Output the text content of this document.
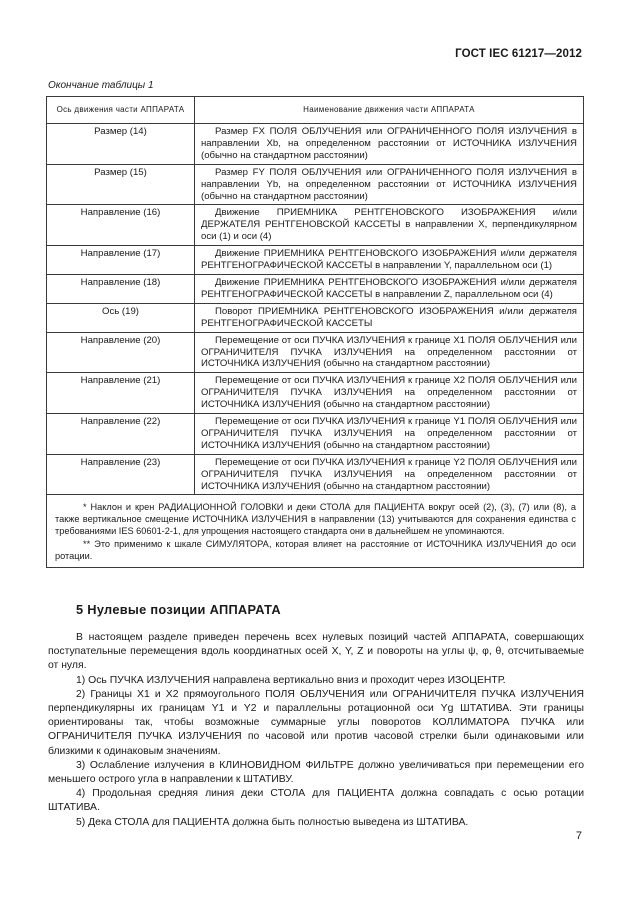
ГОСТ IEC 61217—2012
Окончание таблицы 1
Ось движения части АППАРАТА	Наименование движения части АППАРАТА
Размер (14)	Размер FX ПОЛЯ ОБЛУЧЕНИЯ или ОГРАНИЧЕННОГО ПОЛЯ ИЗЛУЧЕНИЯ в направлении Xb, на определенном расстоянии от ИСТОЧНИКА ИЗЛУЧЕНИЯ (обычно на стандартном расстоянии)
Размер (15)	Размер FY ПОЛЯ ОБЛУЧЕНИЯ или ОГРАНИЧЕННОГО ПОЛЯ ИЗЛУЧЕНИЯ в направлении Yb, на определенном расстоянии от ИСТОЧНИКА ИЗЛУЧЕНИЯ (обычно на стандартном расстоянии)
Направление (16)	Движение ПРИЕМНИКА РЕНТГЕНОВСКОГО ИЗОБРАЖЕНИЯ и/или ДЕРЖАТЕЛЯ РЕНТГЕНОВСКОЙ КАССЕТЫ в направлении X, перпендикулярном оси (1) и оси (4)
Направление (17)	Движение ПРИЕМНИКА РЕНТГЕНОВСКОГО ИЗОБРАЖЕНИЯ и/или держателя РЕНТГЕНОГРАФИЧЕСКОЙ КАССЕТЫ в направлении Y, параллельном оси (1)
Направление (18)	Движение ПРИЕМНИКА РЕНТГЕНОВСКОГО ИЗОБРАЖЕНИЯ и/или держателя РЕНТГЕНОГРАФИЧЕСКОЙ КАССЕТЫ в направлении Z, параллельном оси (4)
Ось (19)	Поворот ПРИЕМНИКА РЕНТГЕНОВСКОГО ИЗОБРАЖЕНИЯ и/или держателя РЕНТГЕНОГРАФИЧЕСКОЙ КАССЕТЫ
Направление (20)	Перемещение от оси ПУЧКА ИЗЛУЧЕНИЯ к границе X1 ПОЛЯ ОБЛУЧЕНИЯ или ОГРАНИЧИТЕЛЯ ПУЧКА ИЗЛУЧЕНИЯ на определенном расстоянии от ИСТОЧНИКА ИЗЛУЧЕНИЯ (обычно на стандартном расстоянии)
Направление (21)	Перемещение от оси ПУЧКА ИЗЛУЧЕНИЯ к границе X2 ПОЛЯ ОБЛУЧЕНИЯ или ОГРАНИЧИТЕЛЯ ПУЧКА ИЗЛУЧЕНИЯ на определенном расстоянии от ИСТОЧНИКА ИЗЛУЧЕНИЯ (обычно на стандартном расстоянии)
Направление (22)	Перемещение от оси ПУЧКА ИЗЛУЧЕНИЯ к границе Y1 ПОЛЯ ОБЛУЧЕНИЯ или ОГРАНИЧИТЕЛЯ ПУЧКА ИЗЛУЧЕНИЯ на определенном расстоянии от ИСТОЧНИКА ИЗЛУЧЕНИЯ (обычно на стандартном расстоянии)
Направление (23)	Перемещение от оси ПУЧКА ИЗЛУЧЕНИЯ к границе Y2 ПОЛЯ ОБЛУЧЕНИЯ или ОГРАНИЧИТЕЛЯ ПУЧКА ИЗЛУЧЕНИЯ на определенном расстоянии от ИСТОЧНИКА ИЗЛУЧЕНИЯ (обычно на стандартном расстоянии)

* Наклон и крен РАДИАЦИОННОЙ ГОЛОВКИ и деки СТОЛА для ПАЦИЕНТА вокруг осей (2), (3), (7) или (8), а также вертикальное смещение ИСТОЧНИКА ИЗЛУЧЕНИЯ в направлении (13) учитываются для сохранения единства с требованиями IES 60601-2-1, для упрощения настоящего стандарта они в дальнейшем не упоминаются.

** Это применимо к шкале СИМУЛЯТОРА, которая влияет на расстояние от ИСТОЧНИКА ИЗЛУЧЕНИЯ до оси ротации.	

5 Нулевые позиции АППАРАТА

В настоящем разделе приведен перечень всех нулевых позиций частей АППАРАТА, совершающих поступательные перемещения вдоль координатных осей X, Y, Z и повороты на углы ψ, φ, θ, отсчитываемые от нуля.

1) Ось ПУЧКА ИЗЛУЧЕНИЯ направлена вертикально вниз и проходит через ИЗОЦЕНТР.

2) Границы X1 и X2 прямоугольного ПОЛЯ ОБЛУЧЕНИЯ или ОГРАНИЧИТЕЛЯ ПУЧКА ИЗЛУЧЕНИЯ перпендикулярны их границам Y1 и Y2 и параллельны ротационной оси Yg ШТАТИВА. Эти границы ориентированы так, чтобы возможные суммарные углы поворотов КОЛЛИМАТОРА ПУЧКА или ОГРАНИЧИТЕЛЯ ПУЧКА ИЗЛУЧЕНИЯ по часовой или против часовой стрелки были одинаковыми или близкими к одинаковым значениям.

3) Ослабление излучения в КЛИНОВИДНОМ ФИЛЬТРЕ должно увеличиваться при перемещении его меньшего острого угла в направлении к ШТАТИВУ.

4) Продольная средняя линия деки СТОЛА для ПАЦИЕНТА должна совпадать с осью ротации ШТАТИВА.

5) Дека СТОЛА для ПАЦИЕНТА должна быть полностью выведена из ШТАТИВА.

7
